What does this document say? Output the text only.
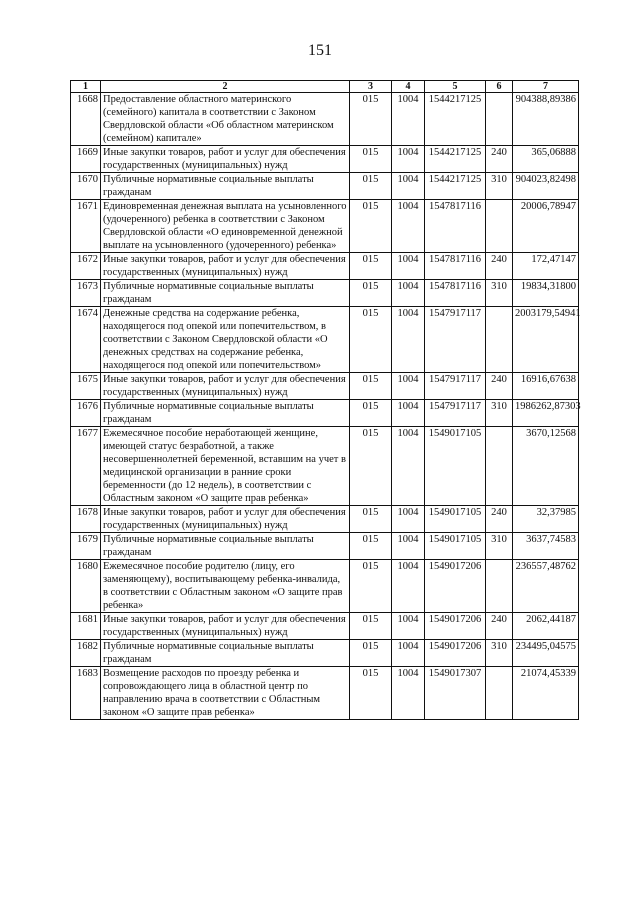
151
1	2	3	4	5	6	7
1668	Предоставление областного материнского (семейного) капитала в соответствии с Законом Свердловской области «Об областном материнском (семейном) капитале»	015	1004	1544217125		904388,89386
1669	Иные закупки товаров, работ и услуг для обеспечения государственных (муниципальных) нужд	015	1004	1544217125	240	365,06888
1670	Публичные нормативные социальные выплаты гражданам	015	1004	1544217125	310	904023,82498
1671	Единовременная денежная выплата на усыновленного (удочеренного) ребенка в соответствии с Законом Свердловской области «О единовременной денежной выплате на усыновленного (удочеренного) ребенка»	015	1004	1547817116		20006,78947
1672	Иные закупки товаров, работ и услуг для обеспечения государственных (муниципальных) нужд	015	1004	1547817116	240	172,47147
1673	Публичные нормативные социальные выплаты гражданам	015	1004	1547817116	310	19834,31800
1674	Денежные средства на содержание ребенка, находящегося под опекой или попечительством, в соответствии с Законом Свердловской области «О денежных средствах на содержание ребенка, находящегося под опекой или попечительством»	015	1004	1547917117		2003179,54941
1675	Иные закупки товаров, работ и услуг для обеспечения государственных (муниципальных) нужд	015	1004	1547917117	240	16916,67638
1676	Публичные нормативные социальные выплаты гражданам	015	1004	1547917117	310	1986262,87303
1677	Ежемесячное пособие неработающей женщине, имеющей статус безработной, а также несовершеннолетней беременной, вставшим на учет в медицинской организации в ранние сроки беременности (до 12 недель), в соответствии с Областным законом «О защите прав ребенка»	015	1004	1549017105		3670,12568
1678	Иные закупки товаров, работ и услуг для обеспечения государственных (муниципальных) нужд	015	1004	1549017105	240	32,37985
1679	Публичные нормативные социальные выплаты гражданам	015	1004	1549017105	310	3637,74583
1680	Ежемесячное пособие родителю (лицу, его заменяющему), воспитывающему ребенка-инвалида, в соответствии с Областным законом «О защите прав ребенка»	015	1004	1549017206		236557,48762
1681	Иные закупки товаров, работ и услуг для обеспечения государственных (муниципальных) нужд	015	1004	1549017206	240	2062,44187
1682	Публичные нормативные социальные выплаты гражданам	015	1004	1549017206	310	234495,04575
1683	Возмещение расходов по проезду ребенка и сопровождающего лица в областной центр по направлению врача в соответствии с Областным законом «О защите прав ребенка»	015	1004	1549017307		21074,45339
